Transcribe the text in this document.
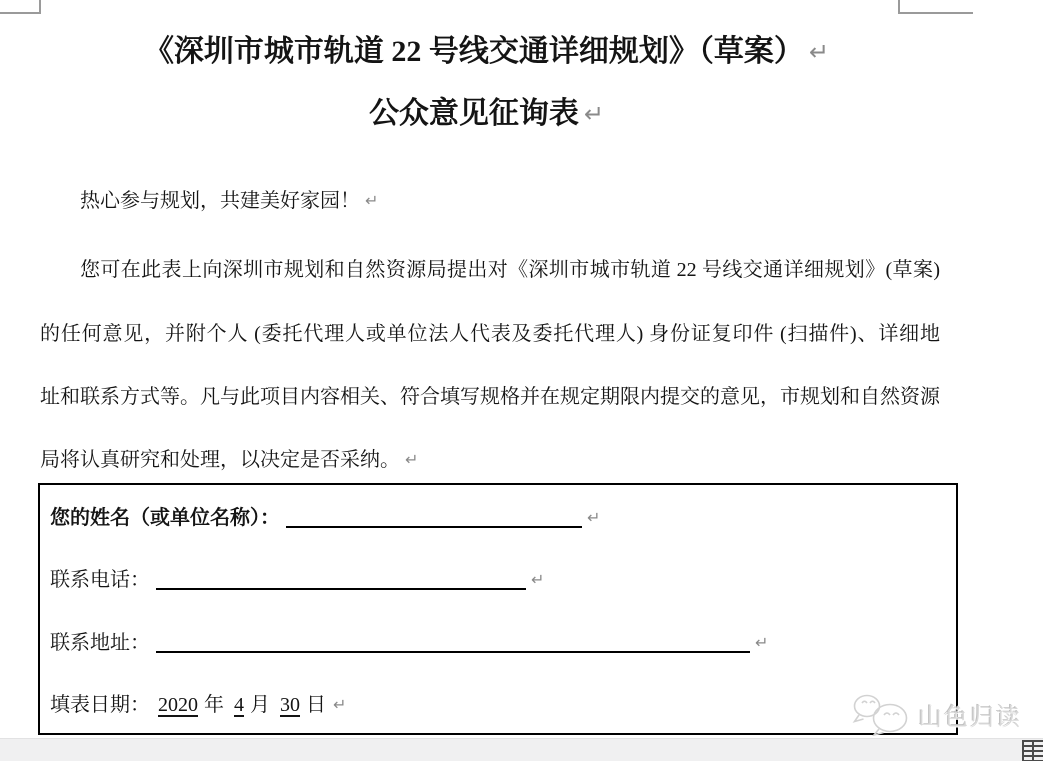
《深圳市城市轨道 22 号线交通详细规划》（草案） ↵
公众意见征询表 ↵
热心参与规划，共建美好家园！ ↵
您可在此表上向深圳市规划和自然资源局提出对《深圳市城市轨道 22 号线交通详细规划》(草案)
的任何意见，并附个人 (委托代理人或单位法人代表及委托代理人) 身份证复印件 (扫描件)、详细地
址和联系方式等。凡与此项目内容相关、符合填写规格并在规定期限内提交的意见，市规划和自然资源
局将认真研究和处理，以决定是否采纳。 ↵
您的姓名（或单位名称）：	↵
联系电话：	↵
联系地址：	↵
填表日期： 2020 年 4 月 30 日 ↵	山色归读
